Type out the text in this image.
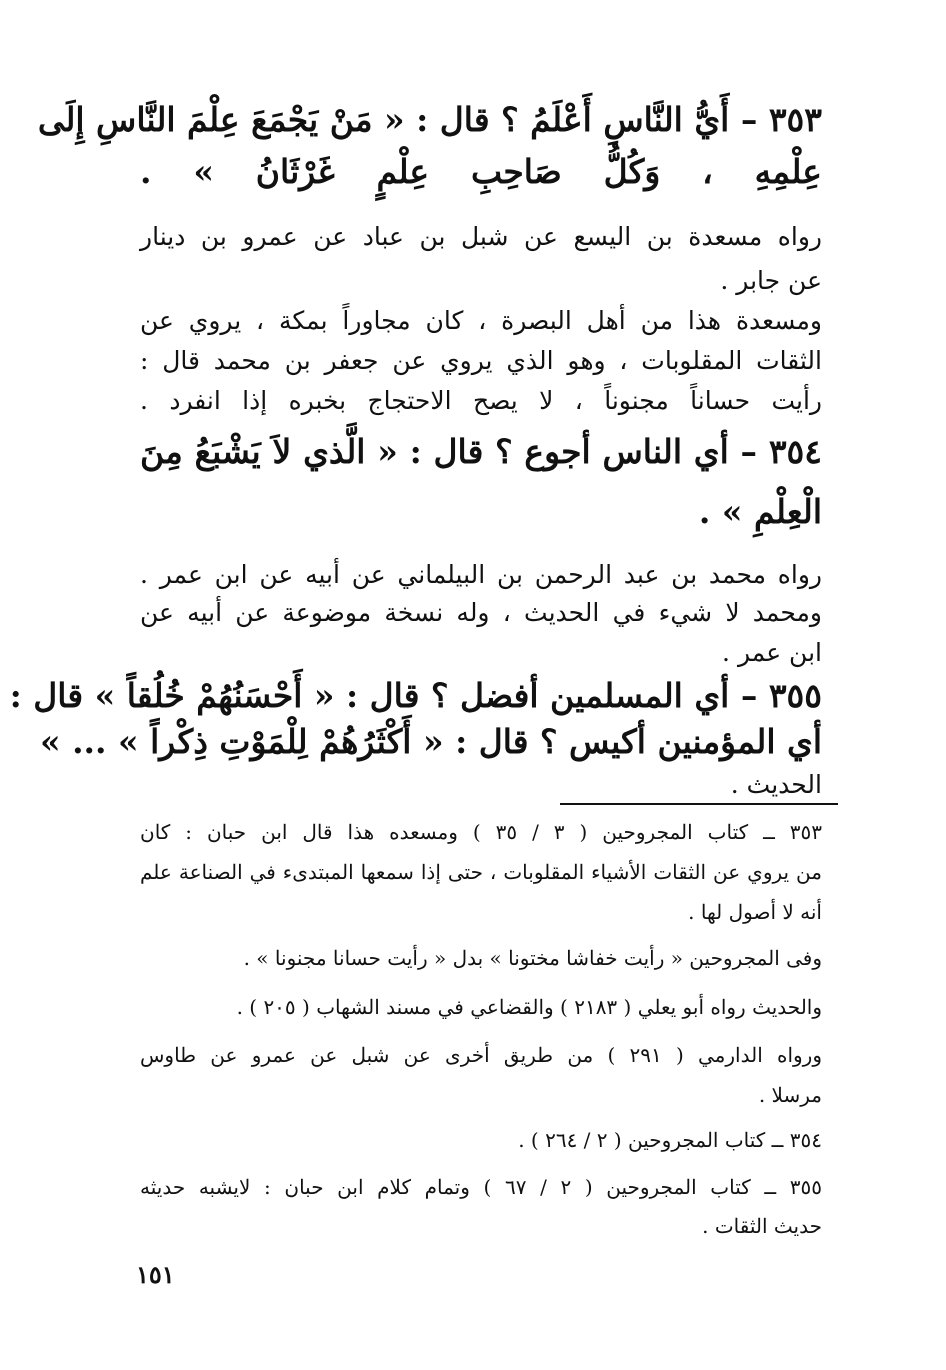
٣٥٣ – أَيُّ النَّاسِ أَعْلَمُ ؟ قال : « مَنْ يَجْمَعَ عِلْمَ النَّاسِ إِلَى

عِلْمِهِ ، وَكُلُّ صَاحِبِ عِلْمٍ غَرْثَانُ » .

رواه مسعدة بن اليسع عن شبل بن عباد عن عمرو بن دينار

عن جابر .

ومسعدة هذا من أهل البصرة ، كان مجاوراً بمكة ، يروي عن

الثقات المقلوبات ، وهو الذي يروي عن جعفر بن محمد قال :

رأيت حساناً مجنوناً ، لا يصح الاحتجاج بخبره إذا انفرد .

٣٥٤ – أي الناس أجوع ؟ قال : « الَّذي لاَ يَشْبَعُ مِنَ

الْعِلْمِ » .

رواه محمد بن عبد الرحمن بن البيلماني عن أبيه عن ابن عمر .

ومحمد لا شيء في الحديث ، وله نسخة موضوعة عن أبيه عن

ابن عمر .

٣٥٥ – أي المسلمين أفضل ؟ قال : « أَحْسَنُهُمْ خُلُقاً » قال :

أي المؤمنين أكيس ؟ قال : « أَكْثَرُهُمْ لِلْمَوْتِ ذِكْراً » ... »

الحديث .

٣٥٣ ــ كتاب المجروحين ( ٣ / ٣٥ ) ومسعده هذا قال ابن حبان : كان

من يروي عن الثقات الأشياء المقلوبات ، حتى إذا سمعها المبتدىء في الصناعة علم

أنه لا أصول لها .

وفى المجروحين « رأيت خفاشا مختونا » بدل « رأيت حسانا مجنونا » .

والحديث رواه أبو يعلي ( ٢١٨٣ ) والقضاعي في مسند الشهاب ( ٢٠٥ ) .

ورواه الدارمي ( ٢٩١ ) من طريق أخرى عن شبل عن عمرو عن طاوس

مرسلا .

٣٥٤ ــ كتاب المجروحين ( ٢ / ٢٦٤ ) .

٣٥٥ ــ كتاب المجروحين ( ٢ / ٦٧ ) وتمام كلام ابن حبان : لايشبه حديثه

حديث الثقات .

١٥١
